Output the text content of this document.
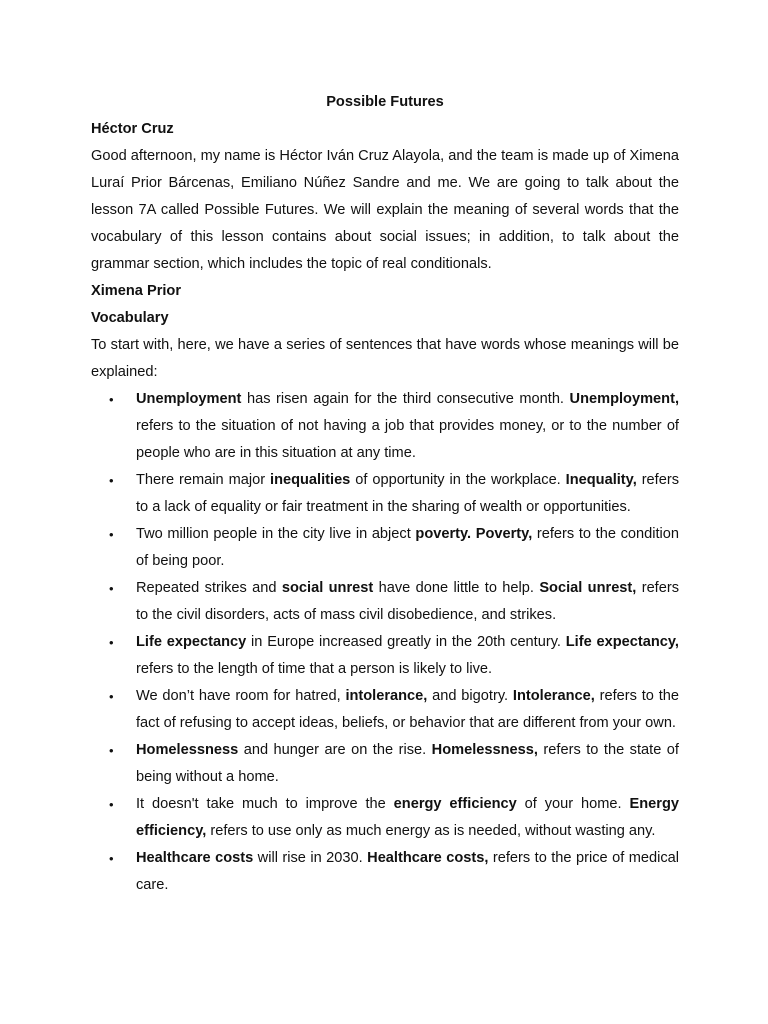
Possible Futures

Héctor Cruz

Good afternoon, my name is Héctor Iván Cruz Alayola, and the team is made up of Ximena Luraí Prior Bárcenas, Emiliano Núñez Sandre and me. We are going to talk about the lesson 7A called Possible Futures. We will explain the meaning of several words that the vocabulary of this lesson contains about social issues; in addition, to talk about the grammar section, which includes the topic of real conditionals.

Ximena Prior

Vocabulary

To start with, here, we have a series of sentences that have words whose meanings will be explained:

• Unemployment has risen again for the third consecutive month. Unemployment, refers to the situation of not having a job that provides money, or to the number of people who are in this situation at any time.
• There remain major inequalities of opportunity in the workplace. Inequality, refers to a lack of equality or fair treatment in the sharing of wealth or opportunities.
• Two million people in the city live in abject poverty. Poverty, refers to the condition of being poor.
• Repeated strikes and social unrest have done little to help. Social unrest, refers to the civil disorders, acts of mass civil disobedience, and strikes.
• Life expectancy in Europe increased greatly in the 20th century. Life expectancy, refers to the length of time that a person is likely to live.
• We don’t have room for hatred, intolerance, and bigotry. Intolerance, refers to the fact of refusing to accept ideas, beliefs, or behavior that are different from your own.
• Homelessness and hunger are on the rise. Homelessness, refers to the state of being without a home.
• It doesn't take much to improve the energy efficiency of your home. Energy efficiency, refers to use only as much energy as is needed, without wasting any.
• Healthcare costs will rise in 2030. Healthcare costs, refers to the price of medical care.
